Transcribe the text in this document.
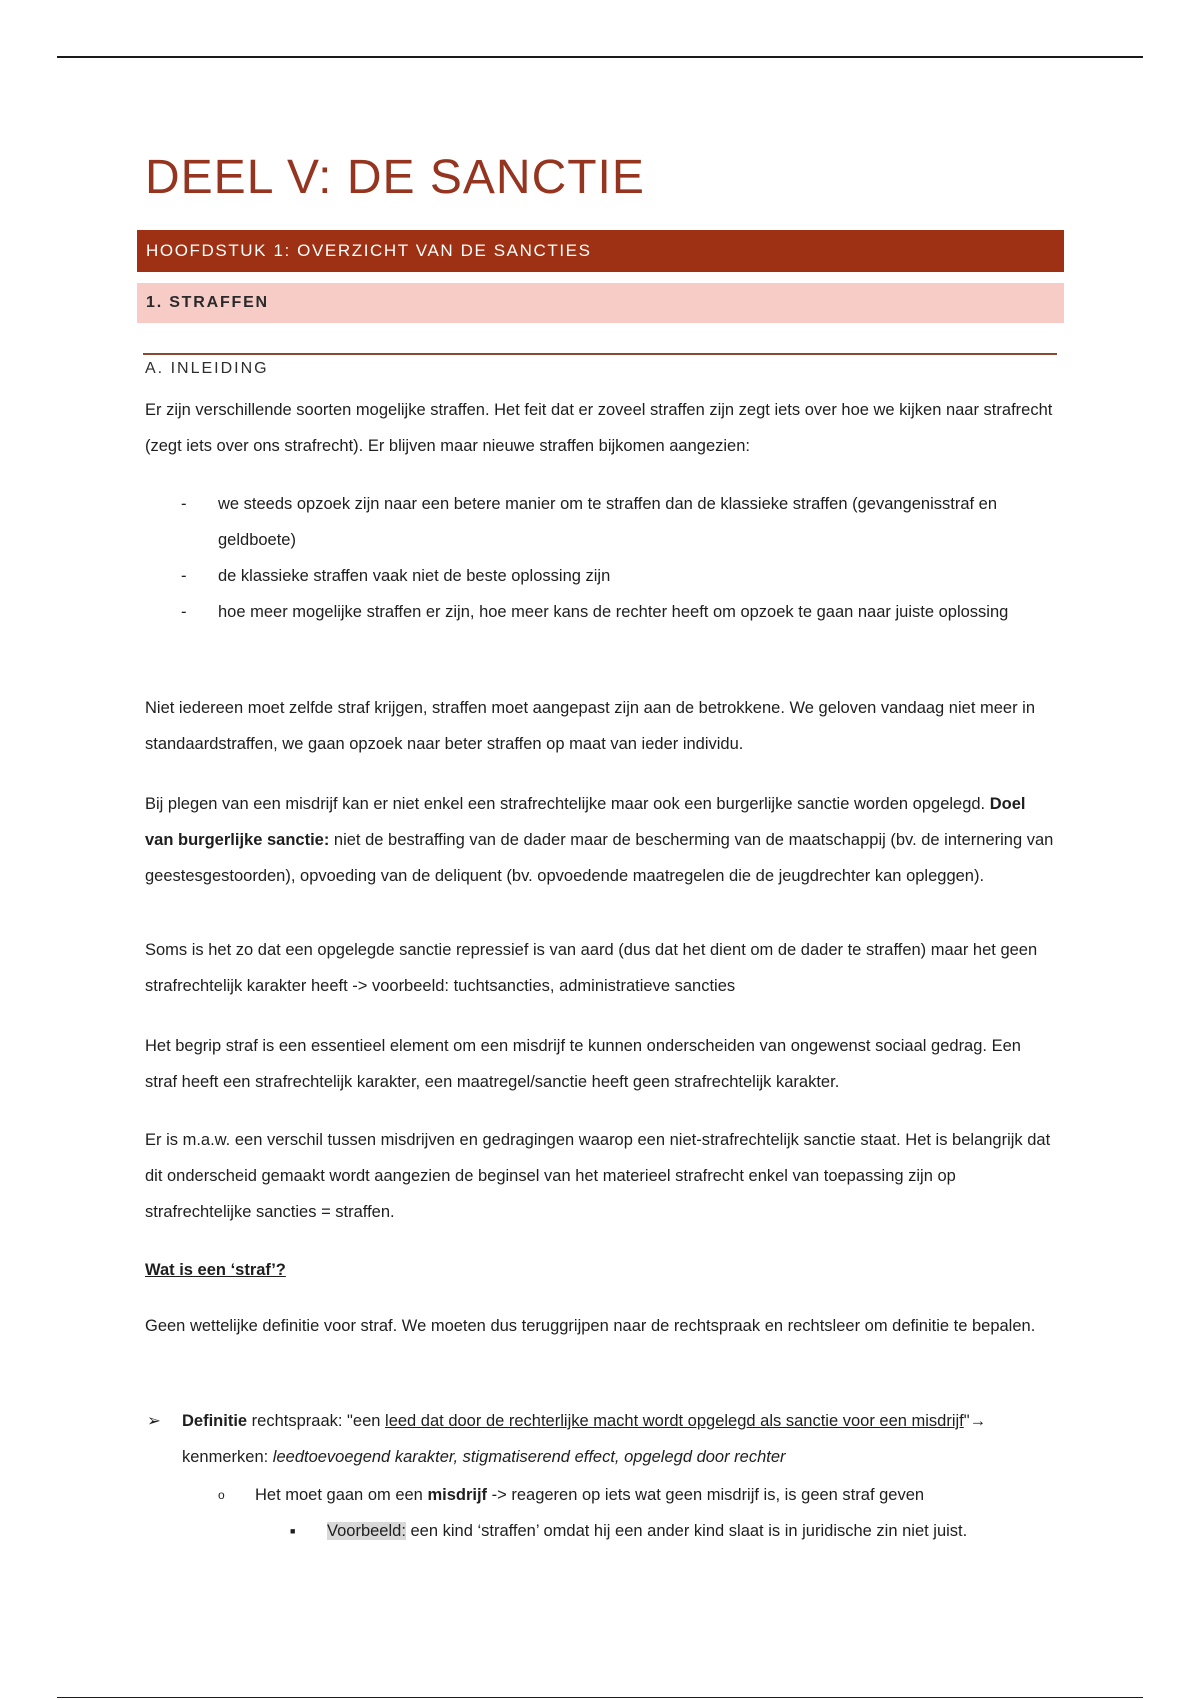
DEEL V: DE SANCTIE
HOOFDSTUK 1: OVERZICHT VAN DE SANCTIES
1. STRAFFEN
A. INLEIDING

Er zijn verschillende soorten mogelijke straffen. Het feit dat er zoveel straffen zijn zegt iets over hoe we kijken naar strafrecht (zegt iets over ons strafrecht). Er blijven maar nieuwe straffen bijkomen aangezien:

- we steeds opzoek zijn naar een betere manier om te straffen dan de klassieke straffen (gevangenisstraf en geldboete)
- de klassieke straffen vaak niet de beste oplossing zijn
- hoe meer mogelijke straffen er zijn, hoe meer kans de rechter heeft om opzoek te gaan naar juiste oplossing

Niet iedereen moet zelfde straf krijgen, straffen moet aangepast zijn aan de betrokkene. We geloven vandaag niet meer in standaardstraffen, we gaan opzoek naar beter straffen op maat van ieder individu.

Bij plegen van een misdrijf kan er niet enkel een strafrechtelijke maar ook een burgerlijke sanctie worden opgelegd. Doel van burgerlijke sanctie: niet de bestraffing van de dader maar de bescherming van de maatschappij (bv. de internering van geestesgestoorden), opvoeding van de deliquent (bv. opvoedende maatregelen die de jeugdrechter kan opleggen).

Soms is het zo dat een opgelegde sanctie repressief is van aard (dus dat het dient om de dader te straffen) maar het geen strafrechtelijk karakter heeft -> voorbeeld: tuchtsancties, administratieve sancties

Het begrip straf is een essentieel element om een misdrijf te kunnen onderscheiden van ongewenst sociaal gedrag. Een straf heeft een strafrechtelijk karakter, een maatregel/sanctie heeft geen strafrechtelijk karakter.

Er is m.a.w. een verschil tussen misdrijven en gedragingen waarop een niet-strafrechtelijk sanctie staat. Het is belangrijk dat dit onderscheid gemaakt wordt aangezien de beginsel van het materieel strafrecht enkel van toepassing zijn op strafrechtelijke sancties = straffen.

Wat is een ‘straf’?

Geen wettelijke definitie voor straf. We moeten dus teruggrijpen naar de rechtspraak en rechtsleer om definitie te bepalen.

➢	Definitie rechtspraak: "een leed dat door de rechterlijke macht wordt opgelegd als sanctie voor een misdrijf"→ kenmerken: leedtoevoegend karakter, stigmatiserend effect, opgelegd door rechter
o	Het moet gaan om een misdrijf -> reageren op iets wat geen misdrijf is, is geen straf geven
■	Voorbeeld: een kind ‘straffen’ omdat hij een ander kind slaat is in juridische zin niet juist.
